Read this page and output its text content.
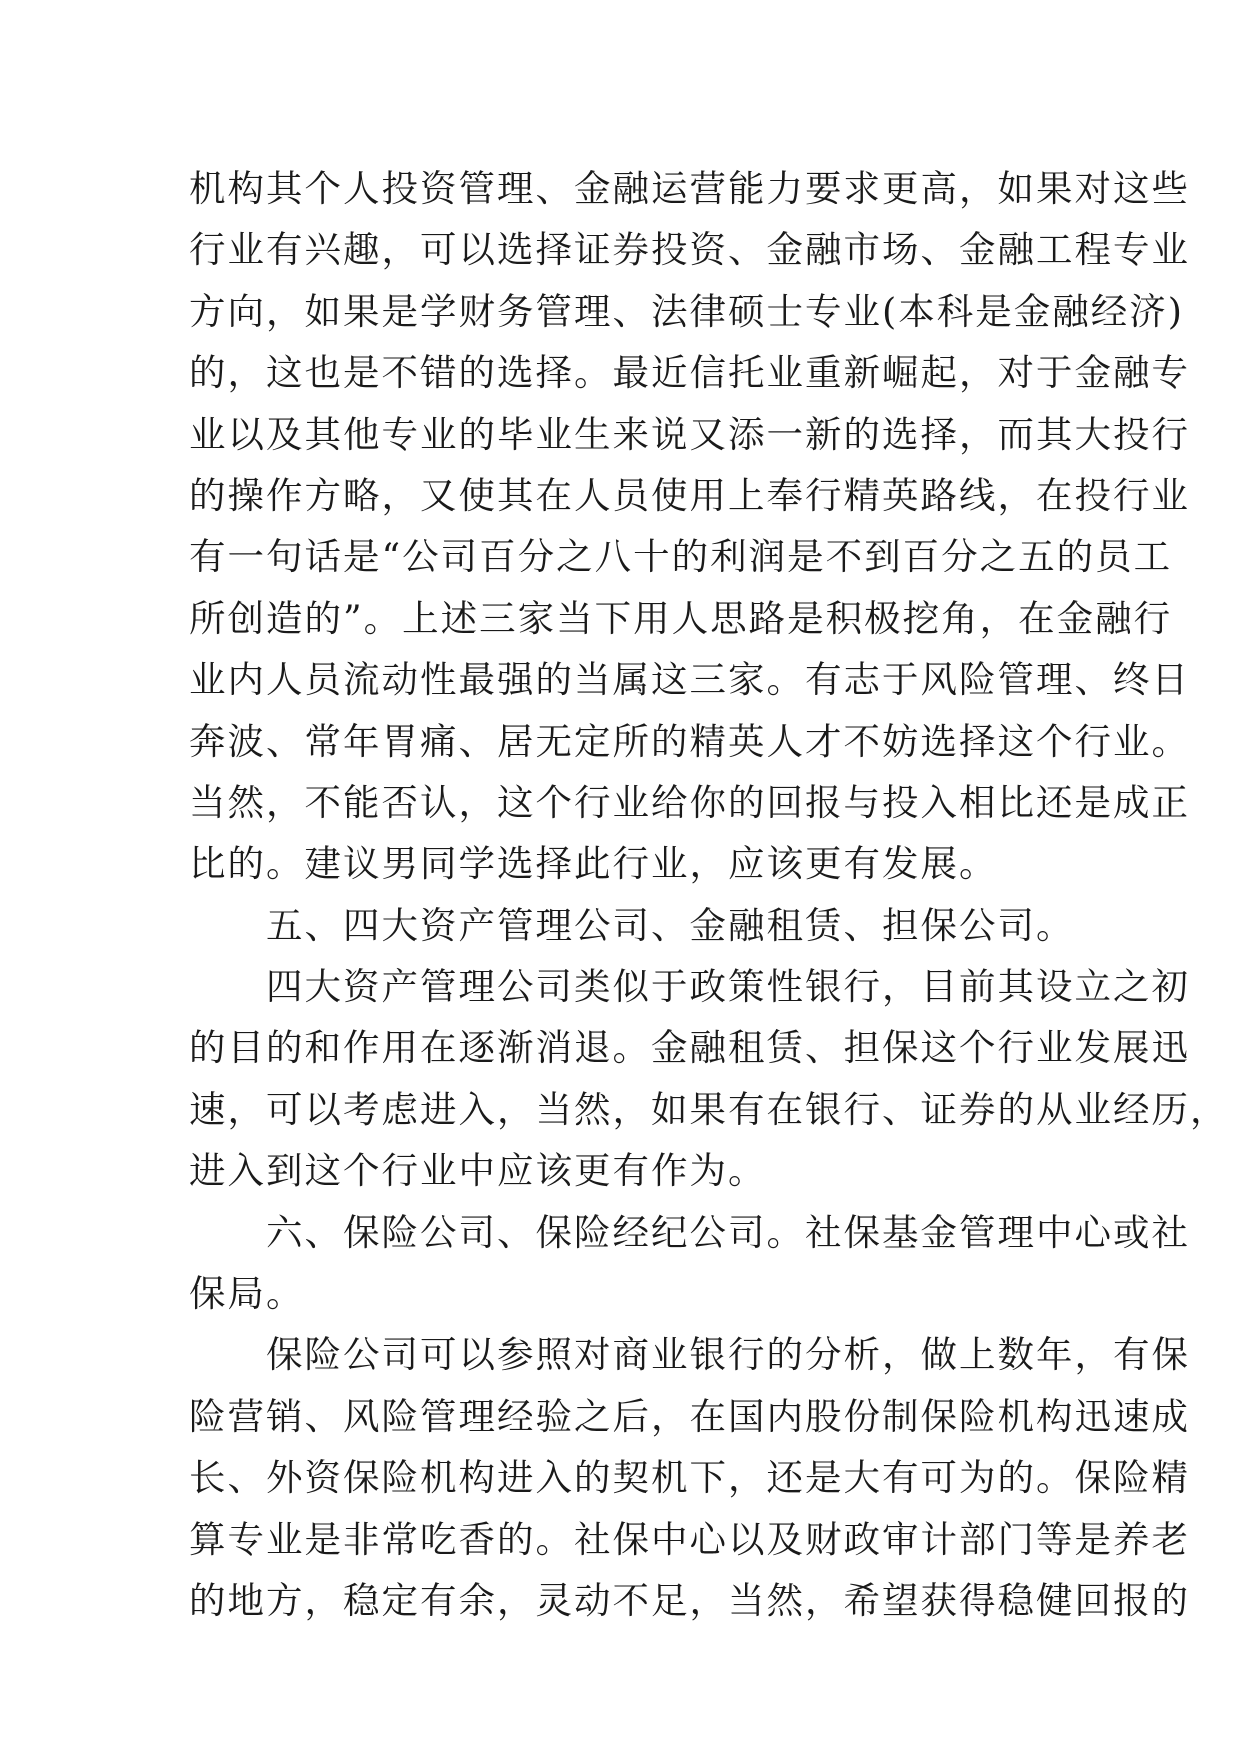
机构其个人投资管理、金融运营能力要求更高，如果对这些
行业有兴趣，可以选择证券投资、金融市场、金融工程专业
方向，如果是学财务管理、法律硕士专业(本科是金融经济)
的，这也是不错的选择。最近信托业重新崛起，对于金融专
业以及其他专业的毕业生来说又添一新的选择，而其大投行
的操作方略，又使其在人员使用上奉行精英路线，在投行业
有一句话是“公司百分之八十的利润是不到百分之五的员工
所创造的”。上述三家当下用人思路是积极挖角，在金融行
业内人员流动性最强的当属这三家。有志于风险管理、终日
奔波、常年胃痛、居无定所的精英人才不妨选择这个行业。
当然，不能否认，这个行业给你的回报与投入相比还是成正
比的。建议男同学选择此行业，应该更有发展。
五、四大资产管理公司、金融租赁、担保公司。
四大资产管理公司类似于政策性银行，目前其设立之初
的目的和作用在逐渐消退。金融租赁、担保这个行业发展迅
速，可以考虑进入，当然，如果有在银行、证券的从业经历，
进入到这个行业中应该更有作为。
六、保险公司、保险经纪公司。社保基金管理中心或社
保局。
保险公司可以参照对商业银行的分析，做上数年，有保
险营销、风险管理经验之后，在国内股份制保险机构迅速成
长、外资保险机构进入的契机下，还是大有可为的。保险精
算专业是非常吃香的。社保中心以及财政审计部门等是养老
的地方，稳定有余，灵动不足，当然，希望获得稳健回报的
